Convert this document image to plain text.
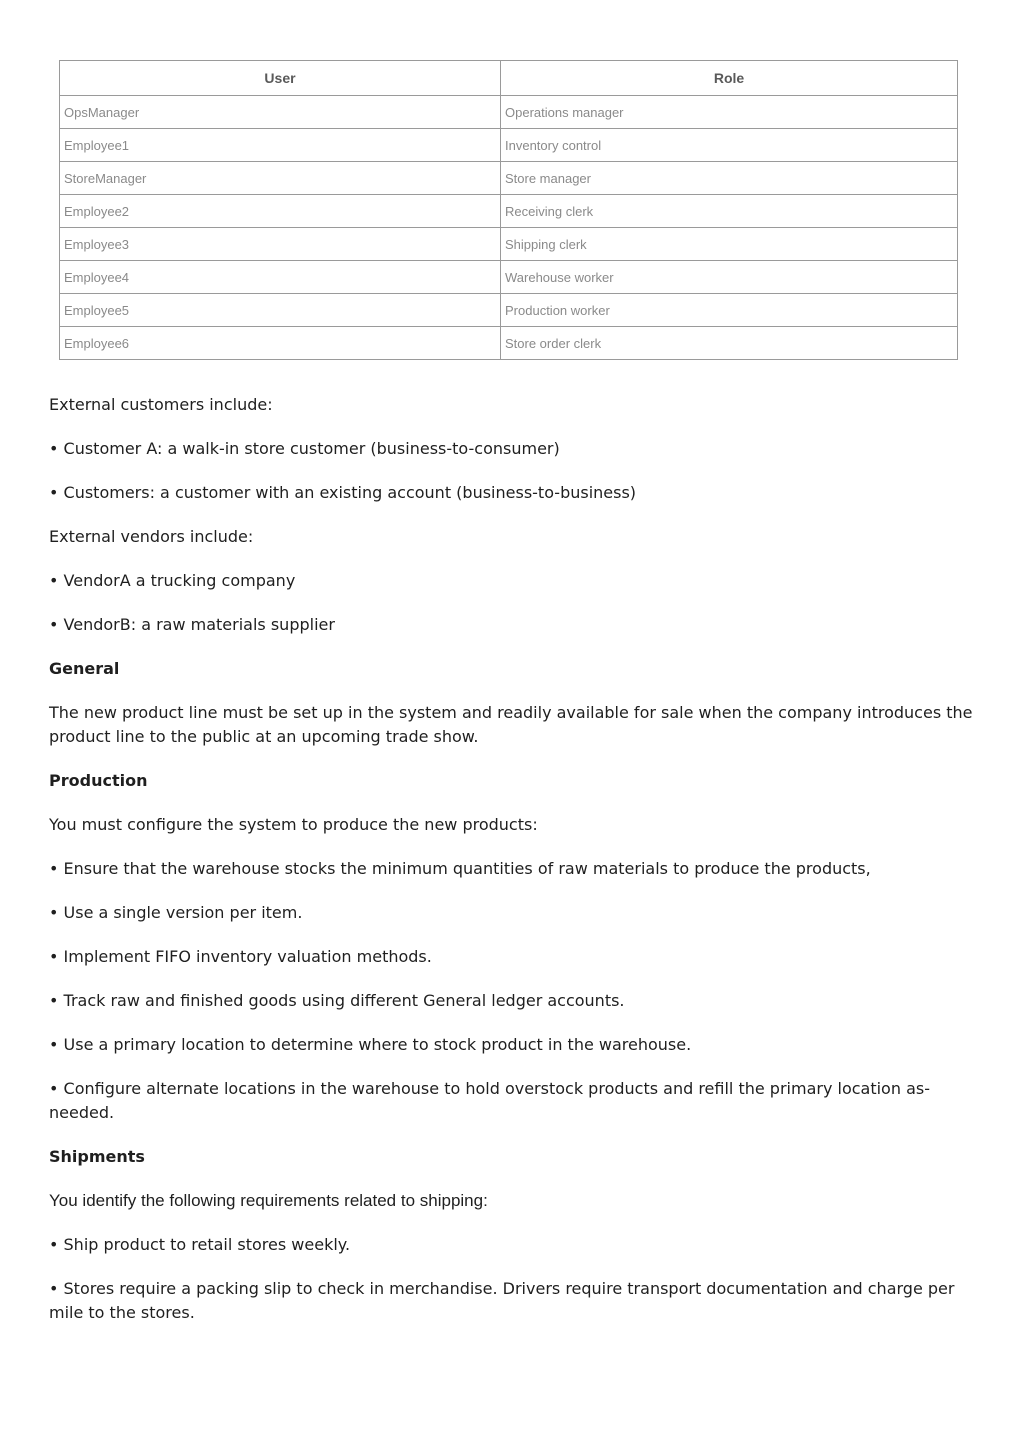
User	Role
OpsManager	Operations manager
Employee1	Inventory control
StoreManager	Store manager
Employee2	Receiving clerk
Employee3	Shipping clerk
Employee4	Warehouse worker
Employee5	Production worker
Employee6	Store order clerk

External customers include:

• Customer A: a walk-in store customer (business-to-consumer)

• Customers: a customer with an existing account (business-to-business)

External vendors include:

• VendorA a trucking company

• VendorB: a raw materials supplier

General

The new product line must be set up in the system and readily available for sale when the company introduces the product line to the public at an upcoming trade show.

Production

You must configure the system to produce the new products:

• Ensure that the warehouse stocks the minimum quantities of raw materials to produce the products,

• Use a single version per item.

• Implement FIFO inventory valuation methods.

• Track raw and finished goods using different General ledger accounts.

• Use a primary location to determine where to stock product in the warehouse.

• Configure alternate locations in the warehouse to hold overstock products and refill the primary location as-needed.

Shipments

You identify the following requirements related to shipping:

• Ship product to retail stores weekly.

• Stores require a packing slip to check in merchandise. Drivers require transport documentation and charge per mile to the stores.
